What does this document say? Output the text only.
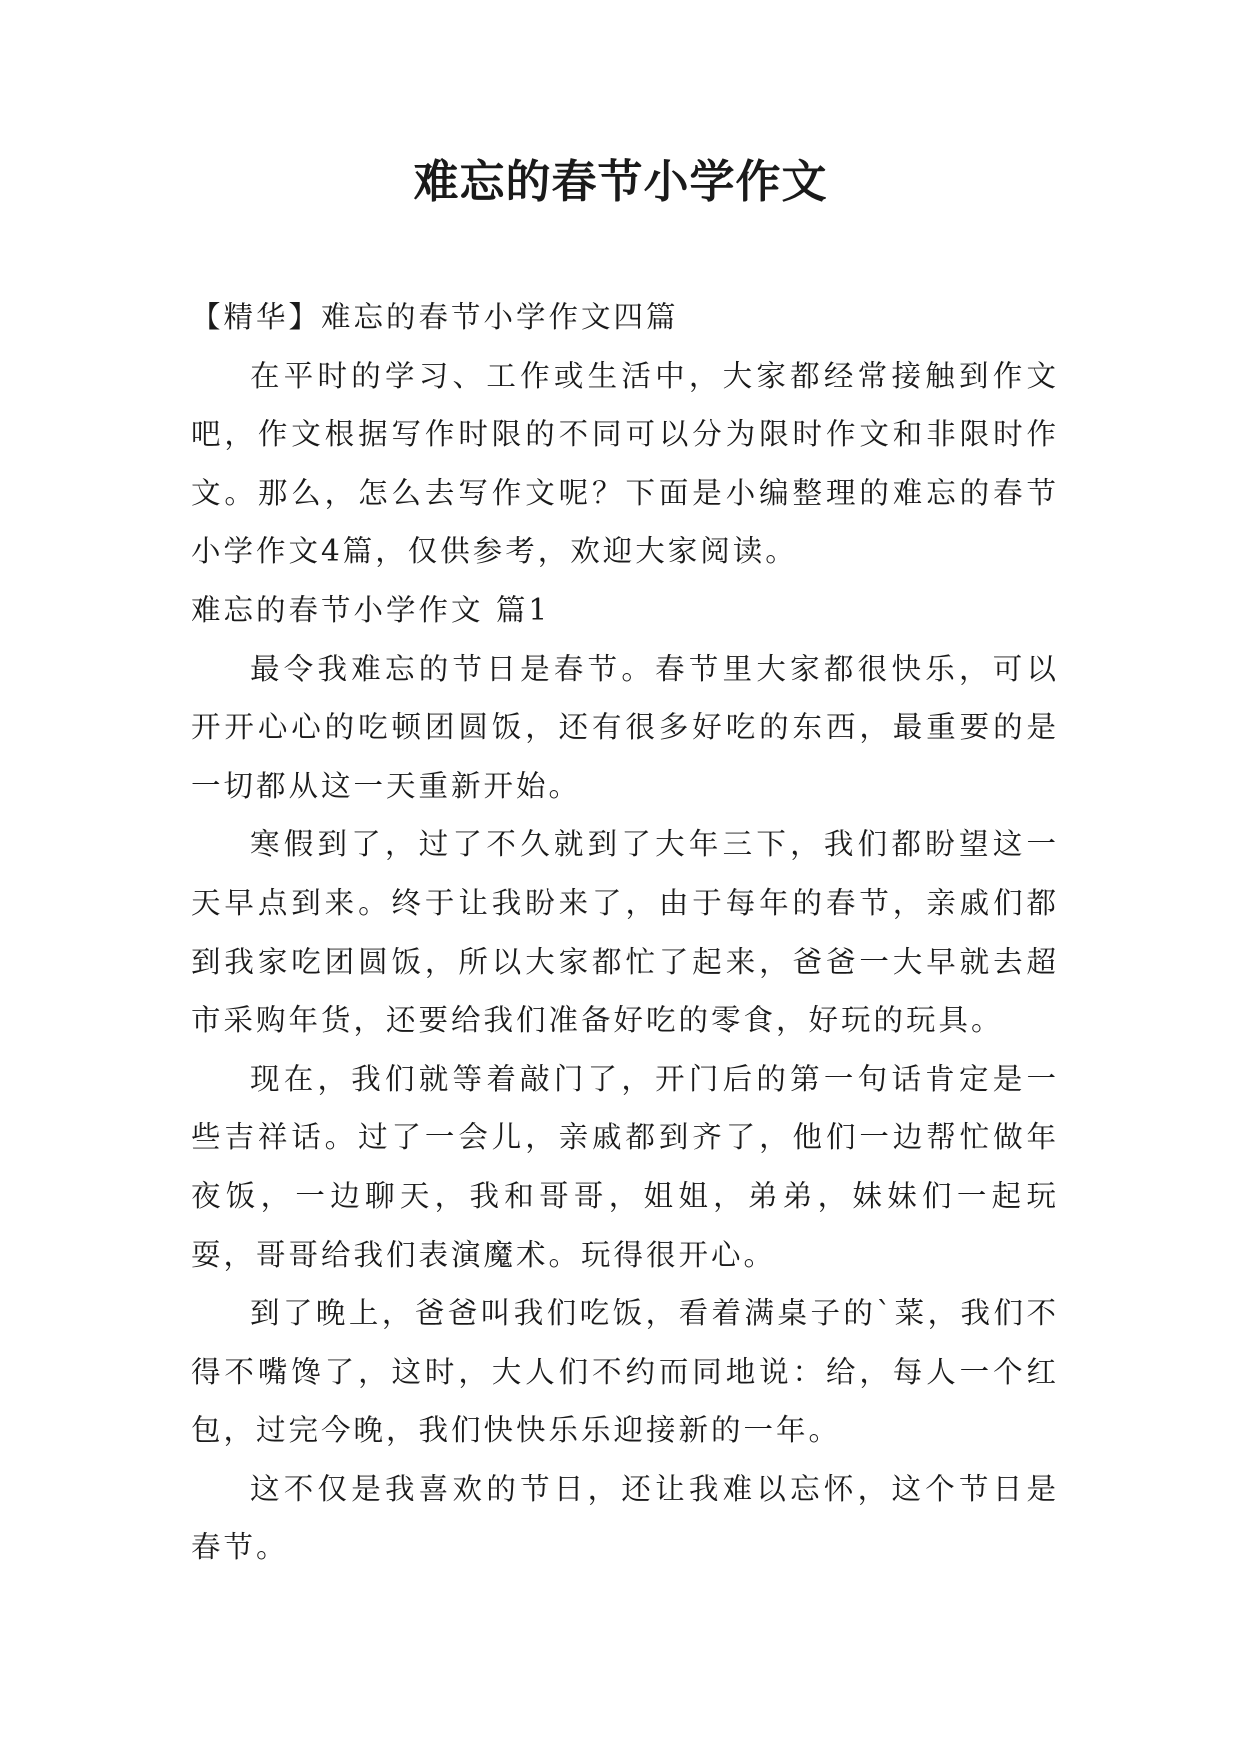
难忘的春节小学作文

【精华】难忘的春节小学作文四篇

在平时的学习、工作或生活中，大家都经常接触到作文吧，作文根据写作时限的不同可以分为限时作文和非限时作文。那么，怎么去写作文呢？下面是小编整理的难忘的春节小学作文4篇，仅供参考，欢迎大家阅读。

难忘的春节小学作文 篇1

最令我难忘的节日是春节。春节里大家都很快乐，可以开开心心的吃顿团圆饭，还有很多好吃的东西，最重要的是一切都从这一天重新开始。

寒假到了，过了不久就到了大年三下，我们都盼望这一天早点到来。终于让我盼来了，由于每年的春节，亲戚们都到我家吃团圆饭，所以大家都忙了起来，爸爸一大早就去超市采购年货，还要给我们准备好吃的零食，好玩的玩具。

现在，我们就等着敲门了，开门后的第一句话肯定是一些吉祥话。过了一会儿，亲戚都到齐了，他们一边帮忙做年夜饭，一边聊天，我和哥哥，姐姐，弟弟，妹妹们一起玩耍，哥哥给我们表演魔术。玩得很开心。

到了晚上，爸爸叫我们吃饭，看着满桌子的`菜，我们不得不嘴馋了，这时，大人们不约而同地说：给，每人一个红包，过完今晚，我们快快乐乐迎接新的一年。

这不仅是我喜欢的节日，还让我难以忘怀，这个节日是春节。
